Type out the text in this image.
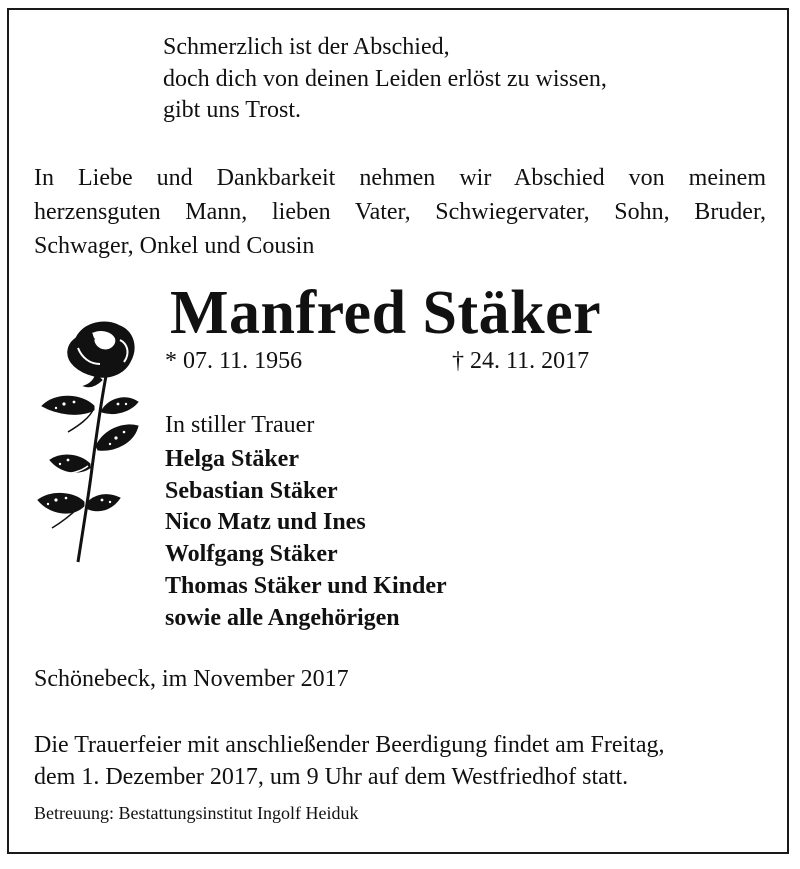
Schmerzlich ist der Abschied,
doch dich von deinen Leiden erlöst zu wissen,
gibt uns Trost.

In Liebe und Dankbarkeit nehmen wir Abschied von meinem
herzensguten Mann, lieben Vater, Schwiegervater, Sohn, Bruder,
Schwager, Onkel und Cousin

Manfred Stäker
* 07. 11. 1956	† 24. 11. 2017
In stiller Trauer
Helga Stäker
Sebastian Stäker
Nico Matz und Ines
Wolfgang Stäker
Thomas Stäker und Kinder
sowie alle Angehörigen
Schönebeck, im November 2017

Die Trauerfeier mit anschließender Beerdigung findet am Freitag,
dem 1. Dezember 2017, um 9 Uhr auf dem Westfriedhof statt.

Betreuung: Bestattungsinstitut Ingolf Heiduk
